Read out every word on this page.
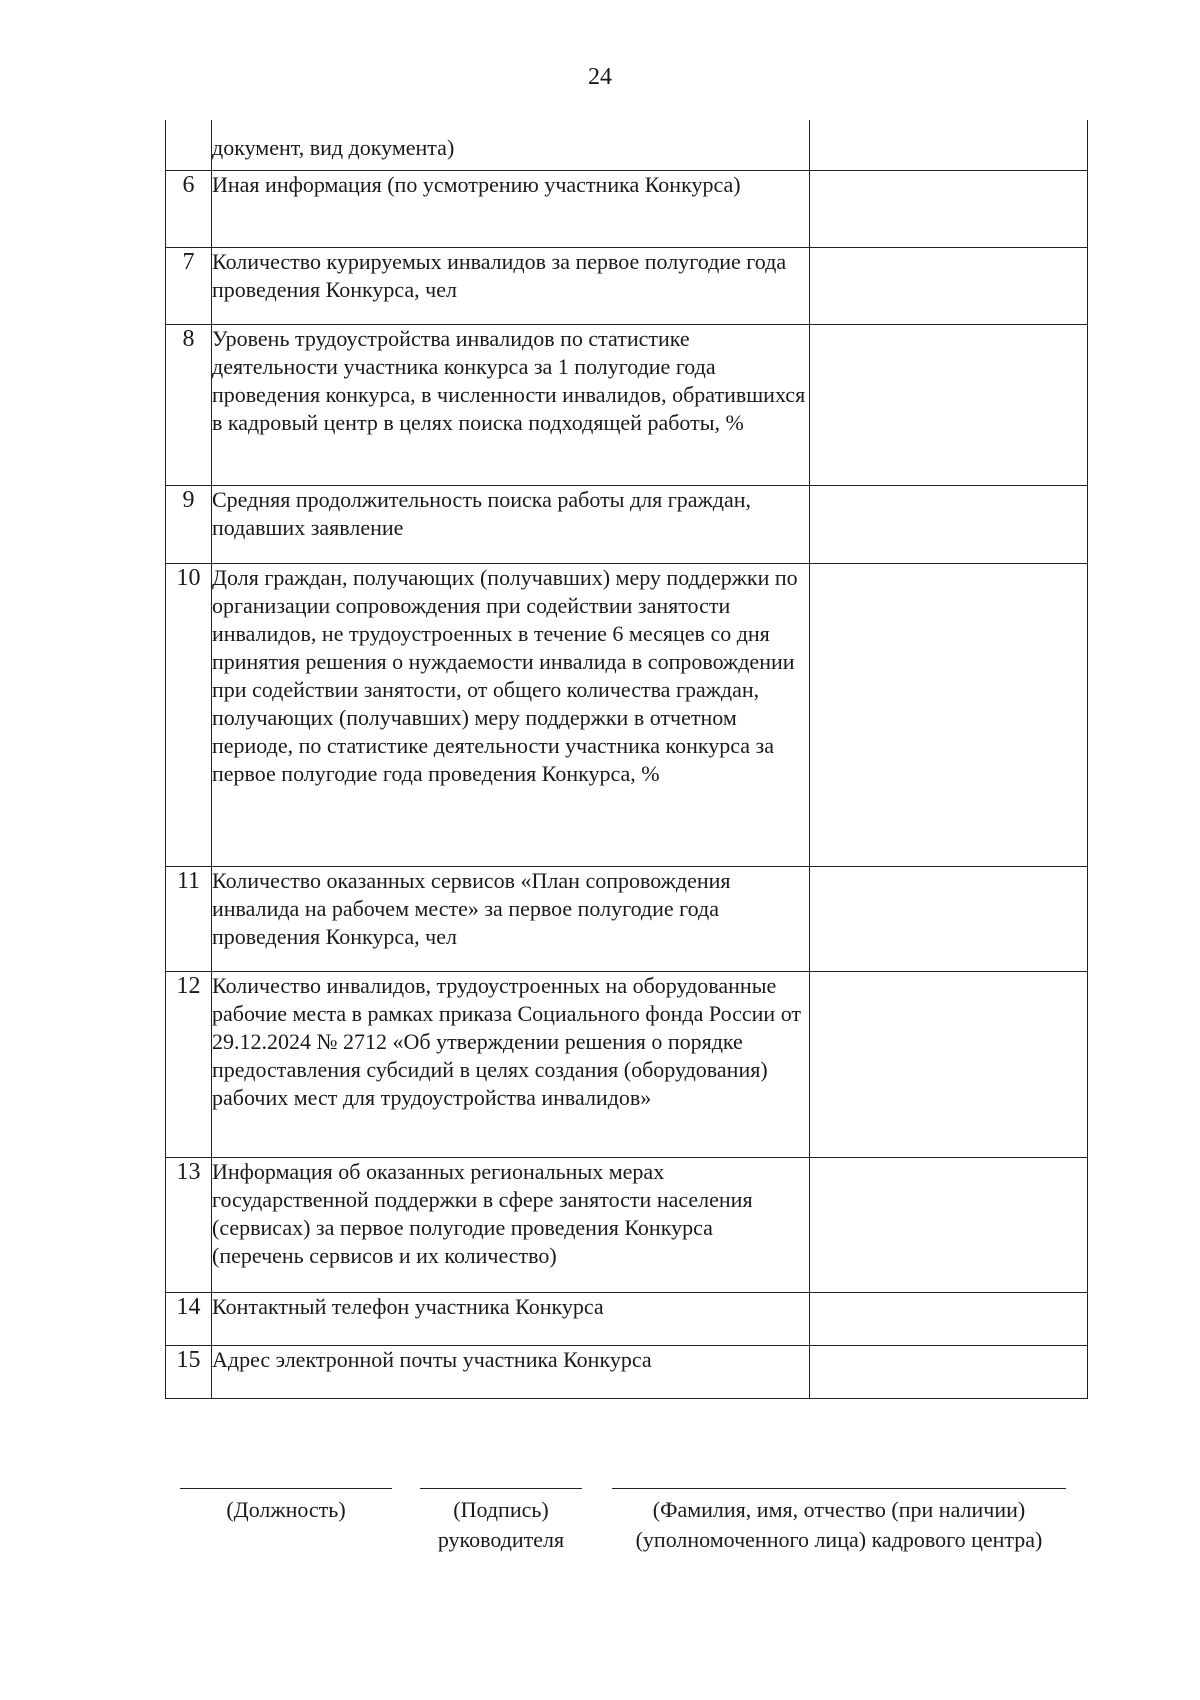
24
	документ, вид документа)	
6	Иная информация (по усмотрению участника Конкурса)	
7	Количество курируемых инвалидов за первое полугодие года проведения Конкурса, чел	
8	Уровень трудоустройства инвалидов по статистике деятельности участника конкурса за 1 полугодие года проведения конкурса, в численности инвалидов, обратившихся в кадровый центр в целях поиска подходящей работы, %	
9	Средняя продолжительность поиска работы для граждан, подавших заявление	
10	Доля граждан, получающих (получавших) меру поддержки по организации сопровождения при содействии занятости инвалидов, не трудоустроенных в течение 6 месяцев со дня принятия решения о нуждаемости инвалида в сопровождении при содействии занятости, от общего количества граждан, получающих (получавших) меру поддержки в отчетном периоде, по статистике деятельности участника конкурса за первое полугодие года проведения Конкурса, %	
11	Количество оказанных сервисов «План сопровождения инвалида на рабочем месте» за первое полугодие года проведения Конкурса, чел	
12	Количество инвалидов, трудоустроенных на оборудованные рабочие места в рамках приказа Социального фонда России от 29.12.2024 № 2712 «Об утверждении решения о порядке предоставления субсидий в целях создания (оборудования) рабочих мест для трудоустройства инвалидов»	
13	Информация об оказанных региональных мерах государственной поддержки в сфере занятости населения (сервисах) за первое полугодие проведения Конкурса (перечень сервисов и их количество)	
14	Контактный телефон участника Конкурса	
15	Адрес электронной почты участника Конкурса	
(Должность)	(Подпись)
руководителя
(Фамилия, имя, отчество (при наличии)
(уполномоченного лица) кадрового центра)
